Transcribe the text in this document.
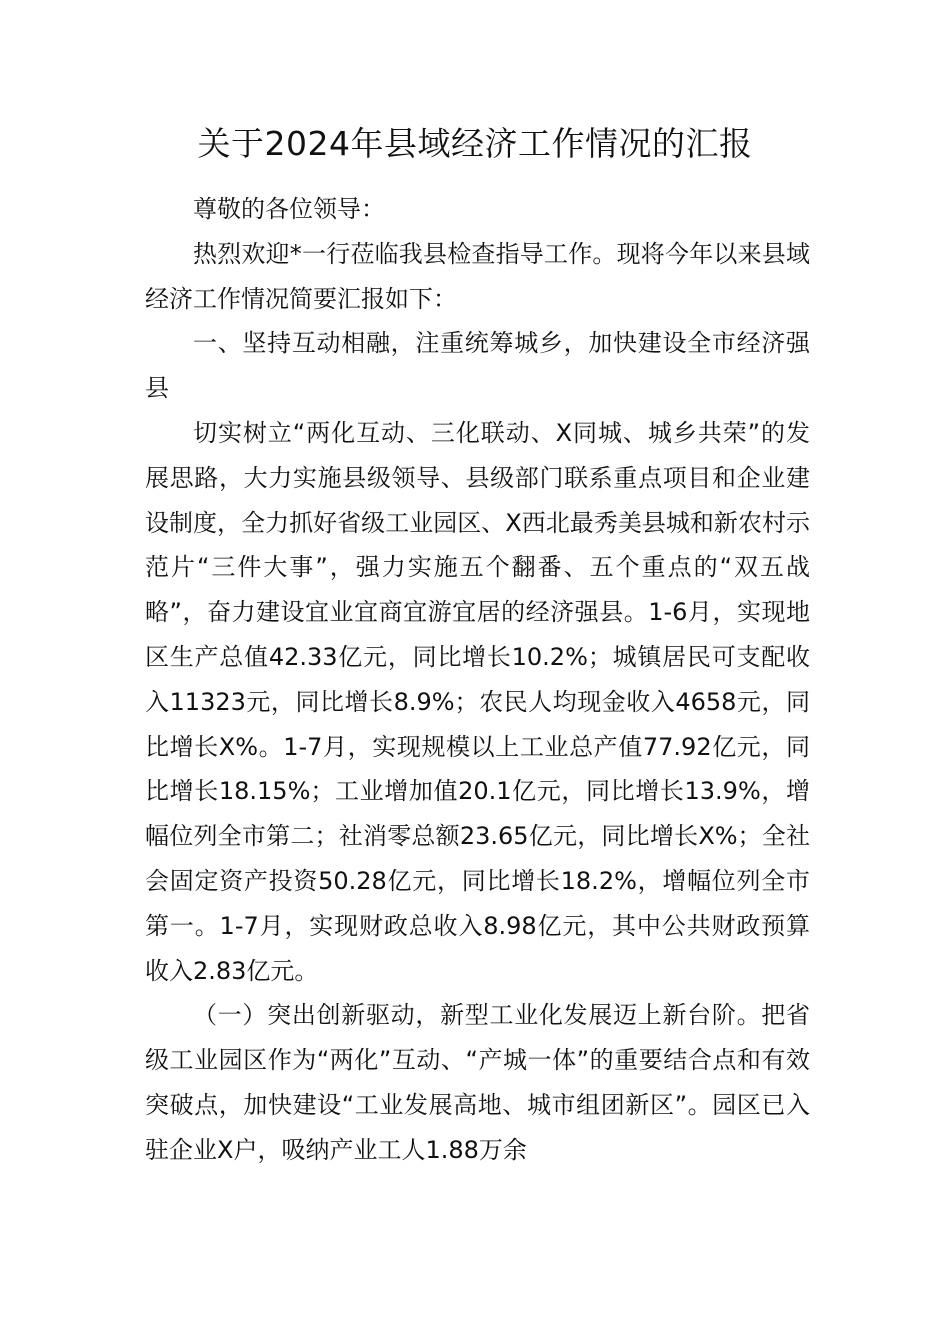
关于2024年县域经济工作情况的汇报

尊敬的各位领导：

热烈欢迎*一行莅临我县检查指导工作。现将今年以来县域经济工作情况简要汇报如下：

一、坚持互动相融，注重统筹城乡，加快建设全市经济强县

切实树立“两化互动、三化联动、X同城、城乡共荣”的发展思路，大力实施县级领导、县级部门联系重点项目和企业建设制度，全力抓好省级工业园区、X西北最秀美县城和新农村示范片“三件大事”，强力实施五个翻番、五个重点的“双五战略”，奋力建设宜业宜商宜游宜居的经济强县。1-6月，实现地区生产总值42.33亿元，同比增长10.2%；城镇居民可支配收入11323元，同比增长8.9%；农民人均现金收入4658元，同比增长X%。1-7月，实现规模以上工业总产值77.92亿元，同比增长18.15%；工业增加值20.1亿元，同比增长13.9%，增幅位列全市第二；社消零总额23.65亿元，同比增长X%；全社会固定资产投资50.28亿元，同比增长18.2%，增幅位列全市第一。1-7月，实现财政总收入8.98亿元，其中公共财政预算收入2.83亿元。

（一）突出创新驱动，新型工业化发展迈上新台阶。把省级工业园区作为“两化”互动、“产城一体”的重要结合点和有效突破点，加快建设“工业发展高地、城市组团新区”。园区已入驻企业X户，吸纳产业工人1.88万余
